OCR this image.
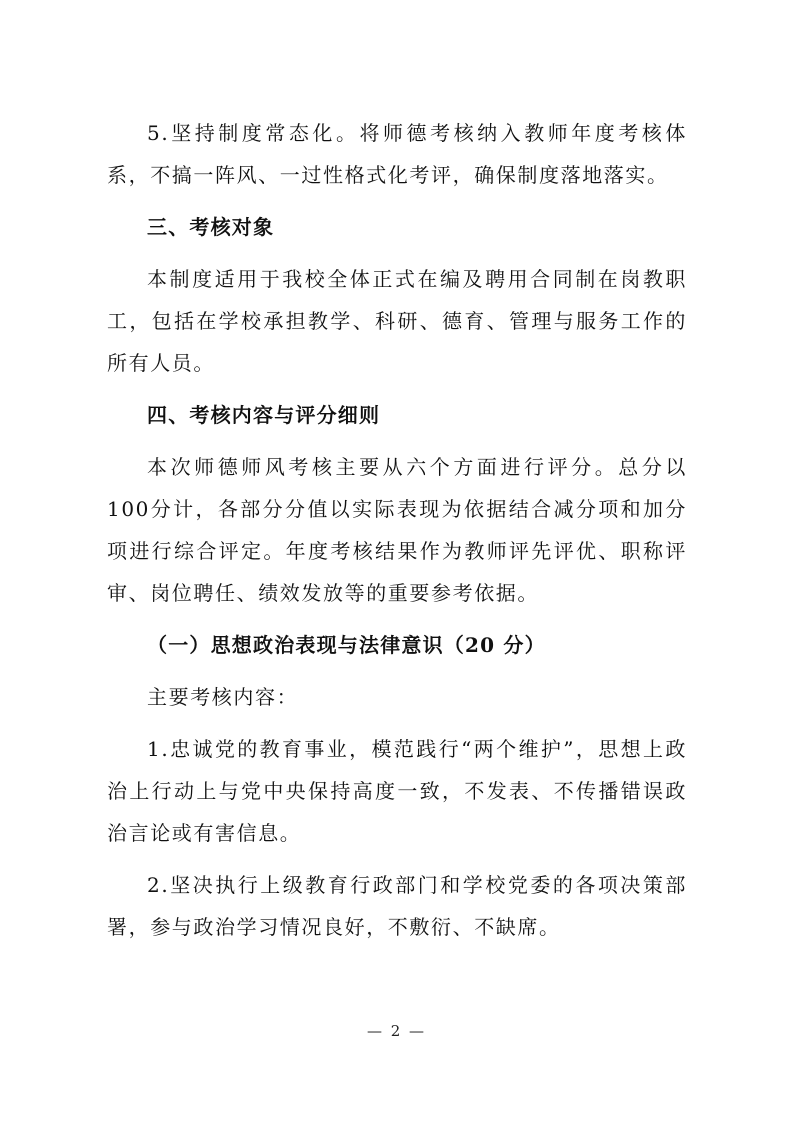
5.坚持制度常态化。将师德考核纳入教师年度考核体系，不搞一阵风、一过性格式化考评，确保制度落地落实。

三、考核对象

本制度适用于我校全体正式在编及聘用合同制在岗教职工，包括在学校承担教学、科研、德育、管理与服务工作的所有人员。

四、考核内容与评分细则

本次师德师风考核主要从六个方面进行评分。总分以 100分计，各部分分值以实际表现为依据结合减分项和加分项进行综合评定。年度考核结果作为教师评先评优、职称评审、岗位聘任、绩效发放等的重要参考依据。

（一）思想政治表现与法律意识（20 分）

主要考核内容：

1.忠诚党的教育事业，模范践行“两个维护”，思想上政治上行动上与党中央保持高度一致，不发表、不传播错误政治言论或有害信息。

2.坚决执行上级教育行政部门和学校党委的各项决策部署，参与政治学习情况良好，不敷衍、不缺席。

— 2 —
